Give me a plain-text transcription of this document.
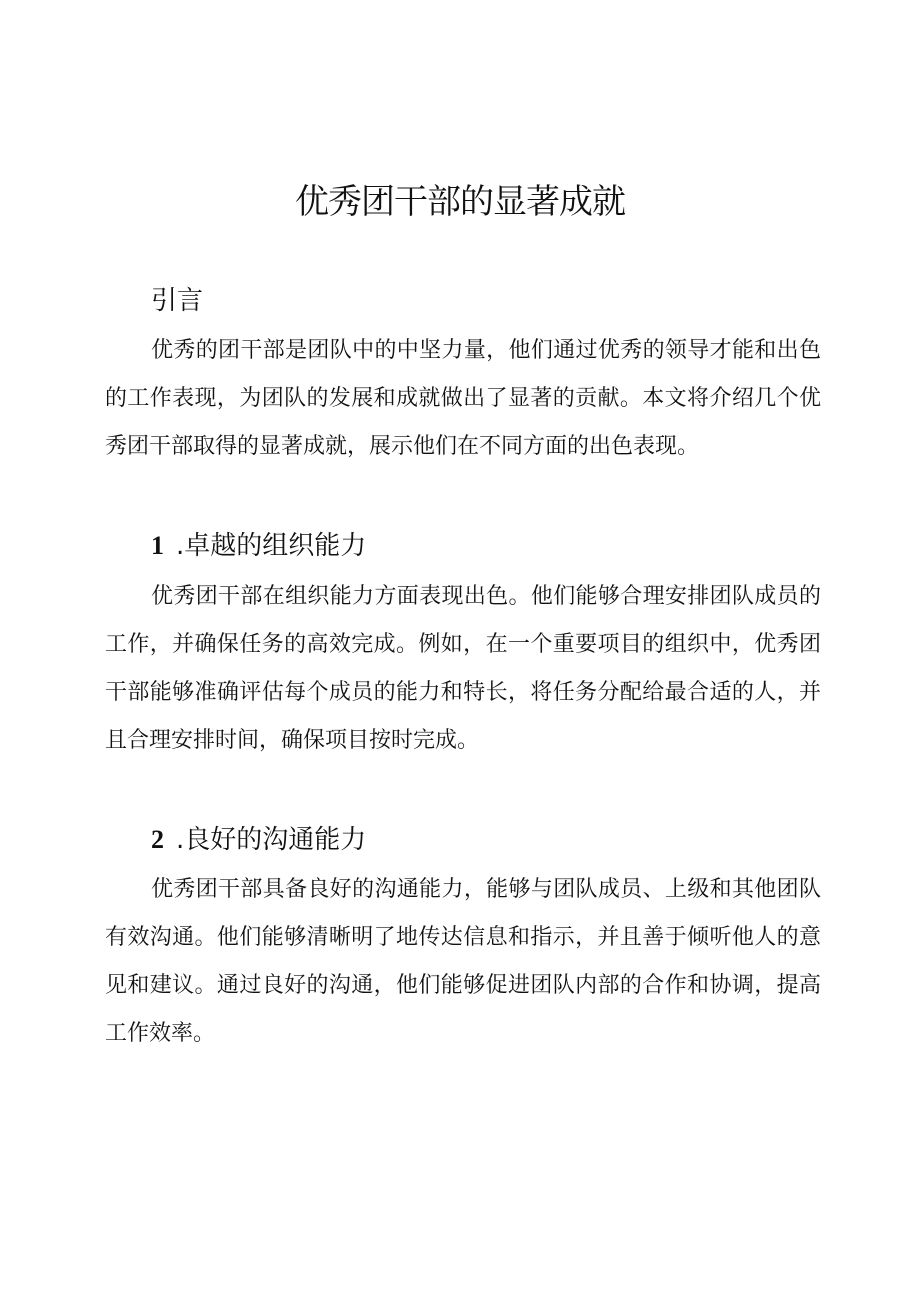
优秀团干部的显著成就
引言

优秀的团干部是团队中的中坚力量，他们通过优秀的领导才能和出色的工作表现，为团队的发展和成就做出了显著的贡献。本文将介绍几个优秀团干部取得的显著成就，展示他们在不同方面的出色表现。

1 .卓越的组织能力

优秀团干部在组织能力方面表现出色。他们能够合理安排团队成员的工作，并确保任务的高效完成。例如，在一个重要项目的组织中，优秀团干部能够准确评估每个成员的能力和特长，将任务分配给最合适的人，并且合理安排时间，确保项目按时完成。

2 .良好的沟通能力

优秀团干部具备良好的沟通能力，能够与团队成员、上级和其他团队有效沟通。他们能够清晰明了地传达信息和指示，并且善于倾听他人的意见和建议。通过良好的沟通，他们能够促进团队内部的合作和协调，提高工作效率。
